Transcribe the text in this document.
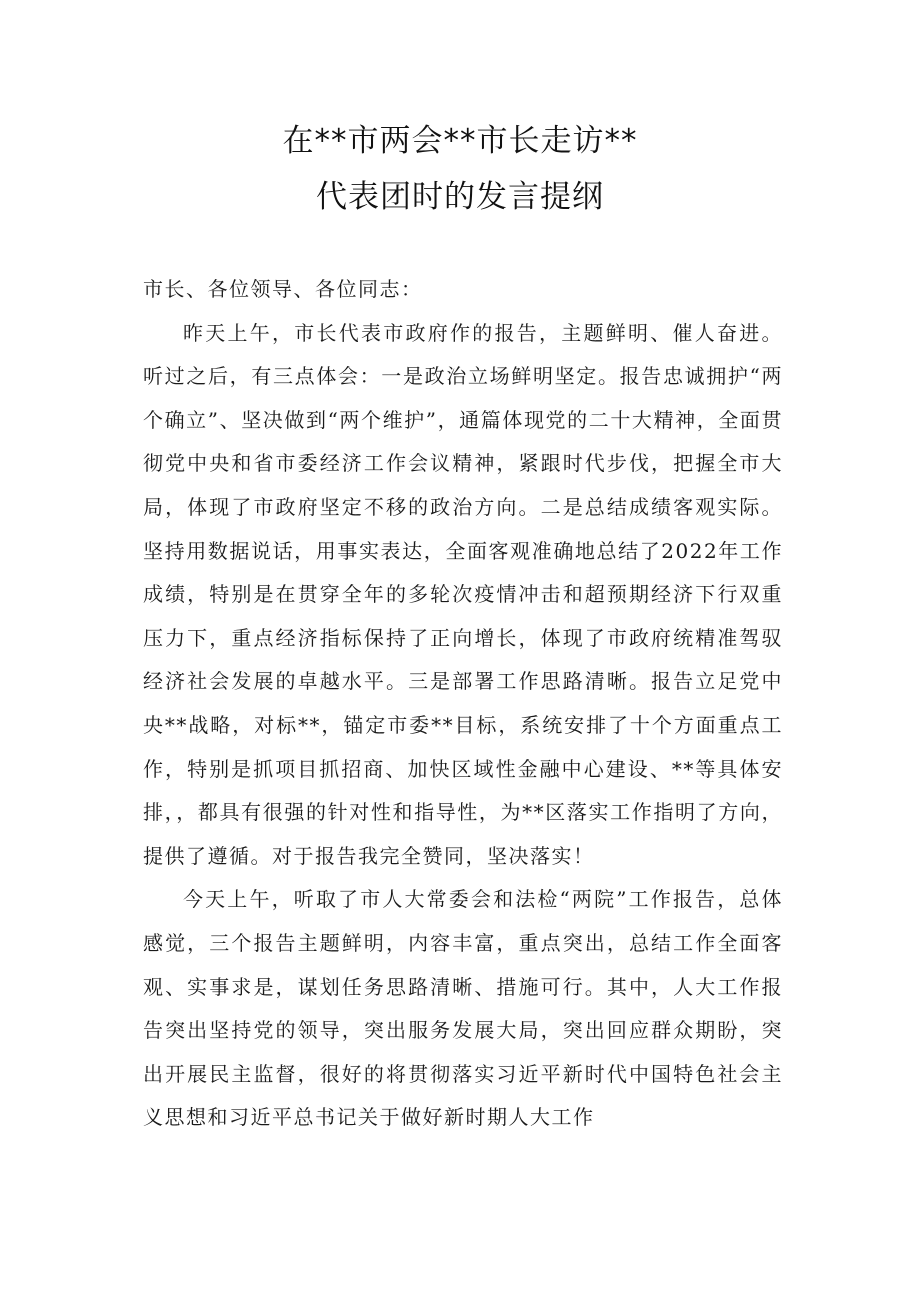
在**市两会**市长走访**

代表团时的发言提纲

市长、各位领导、各位同志：

昨天上午，市长代表市政府作的报告，主题鲜明、催人奋进。听过之后，有三点体会：一是政治立场鲜明坚定。报告忠诚拥护“两个确立”、坚决做到“两个维护”，通篇体现党的二十大精神，全面贯彻党中央和省市委经济工作会议精神，紧跟时代步伐，把握全市大局，体现了市政府坚定不移的政治方向。二是总结成绩客观实际。坚持用数据说话，用事实表达，全面客观准确地总结了2022年工作成绩，特别是在贯穿全年的多轮次疫情冲击和超预期经济下行双重压力下，重点经济指标保持了正向增长，体现了市政府统精准驾驭经济社会发展的卓越水平。三是部署工作思路清晰。报告立足党中央**战略，对标**，锚定市委**目标，系统安排了十个方面重点工作，特别是抓项目抓招商、加快区域性金融中心建设、**等具体安排，，都具有很强的针对性和指导性，为**区落实工作指明了方向，提供了遵循。对于报告我完全赞同，坚决落实！

今天上午，听取了市人大常委会和法检“两院”工作报告，总体感觉，三个报告主题鲜明，内容丰富，重点突出，总结工作全面客观、实事求是，谋划任务思路清晰、措施可行。其中，人大工作报告突出坚持党的领导，突出服务发展大局，突出回应群众期盼，突出开展民主监督，很好的将贯彻落实习近平新时代中国特色社会主义思想和习近平总书记关于做好新时期人大工作
